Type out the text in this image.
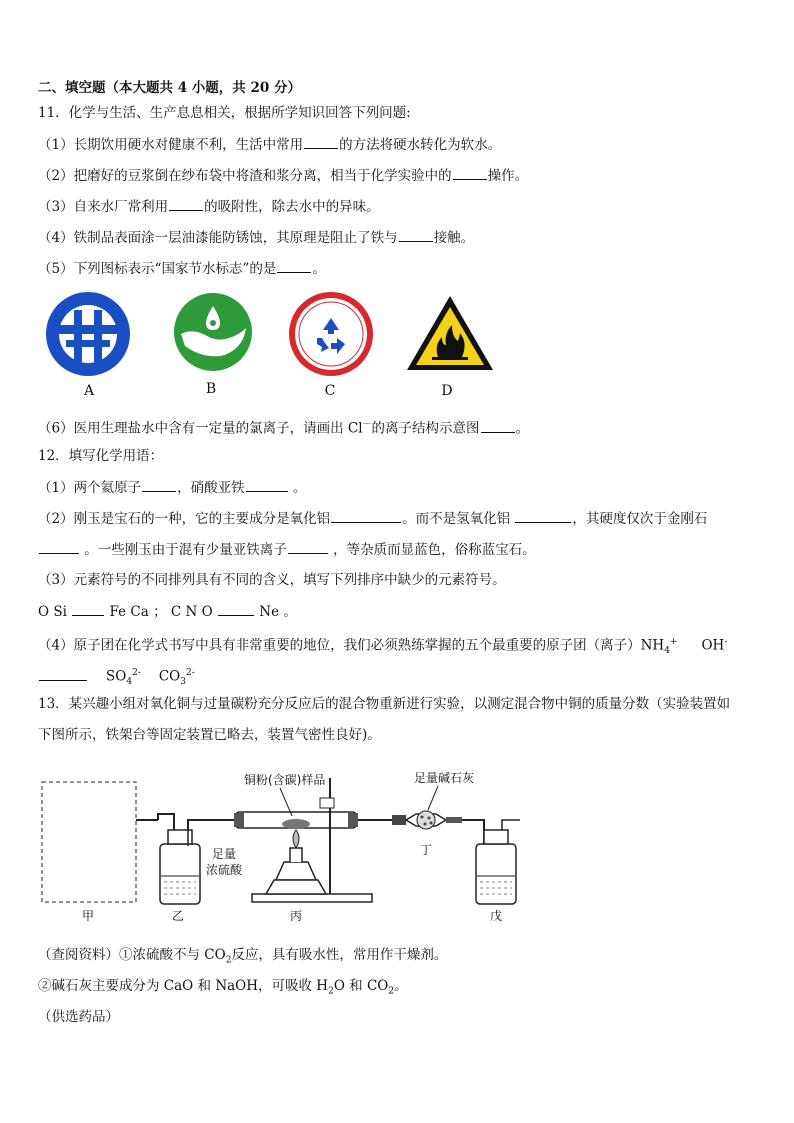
二、填空题（本大题共 4 小题，共 20 分）
11．化学与生活、生产息息相关，根据所学知识回答下列问题:
（1）长期饮用硬水对健康不利，生活中常用	的方法将硬水转化为软水。
（2）把磨好的豆浆倒在纱布袋中将渣和浆分离，相当于化学实验中的	操作。
（3）自来水厂常利用	的吸附性，除去水中的异味。
（4）铁制品表面涂一层油漆能防锈蚀，其原理是阻止了铁与	接触。
（5）下列图标表示“国家节水标志”的是	。
A	B	C	D
（6）医用生理盐水中含有一定量的氯离子，请画出 Cl－的离子结构示意图	。
12．填写化学用语：
（1）两个氦原子	，硝酸亚铁	。
（2）刚玉是宝石的一种，它的主要成分是氧化铝	。而不是氢氧化铝	，其硬度仅次于金刚石
。一些刚玉由于混有少量亚铁离子	，等杂质而显蓝色，俗称蓝宝石。
（3）元素符号的不同排列具有不同的含义，填写下列排序中缺少的元素符号。
O Si	Fe Ca ； C N O	Ne 。
（4）原子团在化学式书写中具有非常重要的地位，我们必须熟练掌握的五个最重要的原子团（离子）$NH_4^+$ OH-
$SO_4^{2-}$ $CO_3^{2-}$
13．某兴趣小组对氧化铜与过量碳粉充分反应后的混合物重新进行实验，以测定混合物中铜的质量分数（实验装置如
下图所示，铁架台等固定装置已略去，装置气密性良好)。
甲
足量
浓硫酸
乙
铜粉(含碳)样品
丙
足量碱石灰
丁
戊
（查阅资料）①浓硫酸不与 $CO_2$反应，具有吸水性，常用作干燥剂。
②碱石灰主要成分为 CaO 和 NaOH，可吸收 $H_2O$ 和 $CO_2$。
（供选药品）
